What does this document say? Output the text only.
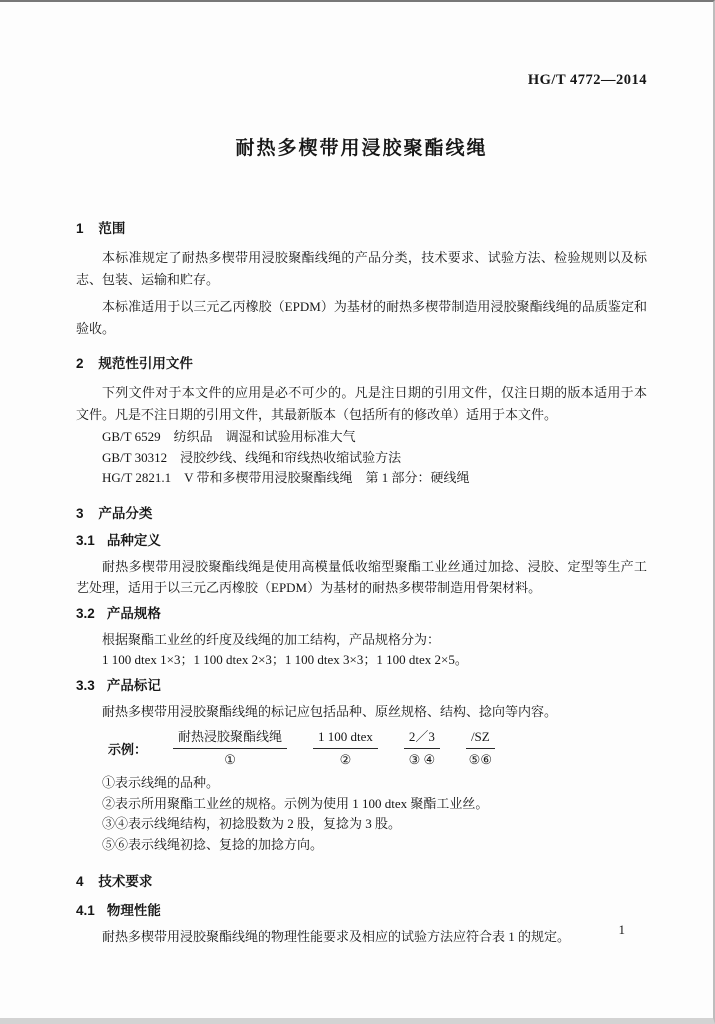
HG/T 4772—2014
耐热多楔带用浸胶聚酯线绳
1 范围

本标准规定了耐热多楔带用浸胶聚酯线绳的产品分类，技术要求、试验方法、检验规则以及标志、包装、运输和贮存。

本标准适用于以三元乙丙橡胶（EPDM）为基材的耐热多楔带制造用浸胶聚酯线绳的品质鉴定和验收。

2 规范性引用文件

下列文件对于本文件的应用是必不可少的。凡是注日期的引用文件，仅注日期的版本适用于本文件。凡是不注日期的引用文件，其最新版本（包括所有的修改单）适用于本文件。

GB/T 6529　纺织品　调湿和试验用标准大气
GB/T 30312　浸胶纱线、线绳和帘线热收缩试验方法
HG/T 2821.1　V 带和多楔带用浸胶聚酯线绳　第 1 部分：硬线绳
3 产品分类
3.1 品种定义

耐热多楔带用浸胶聚酯线绳是使用高模量低收缩型聚酯工业丝通过加捻、浸胶、定型等生产工艺处理，适用于以三元乙丙橡胶（EPDM）为基材的耐热多楔带制造用骨架材料。

3.2 产品规格

根据聚酯工业丝的纤度及线绳的加工结构，产品规格分为：

1 100 dtex 1×3；1 100 dtex 2×3；1 100 dtex 3×3；1 100 dtex 2×5。
3.3 产品标记

耐热多楔带用浸胶聚酯线绳的标记应包括品种、原丝规格、结构、捻向等内容。

示例： $\frac{\text{耐热浸胶聚酯线绳}}{\text{①}} \frac{\text{1 100 dtex}}{\text{②}} \frac{2/3}{\text{③ ④}} \frac{/SZ}{\text{⑤⑥}}$
①表示线绳的品种。
②表示所用聚酯工业丝的规格。示例为使用 1 100 dtex 聚酯工业丝。
③④表示线绳结构，初捻股数为 2 股，复捻为 3 股。
⑤⑥表示线绳初捻、复捻的加捻方向。
4 技术要求
4.1 物理性能

耐热多楔带用浸胶聚酯线绳的物理性能要求及相应的试验方法应符合表 1 的规定。	1
